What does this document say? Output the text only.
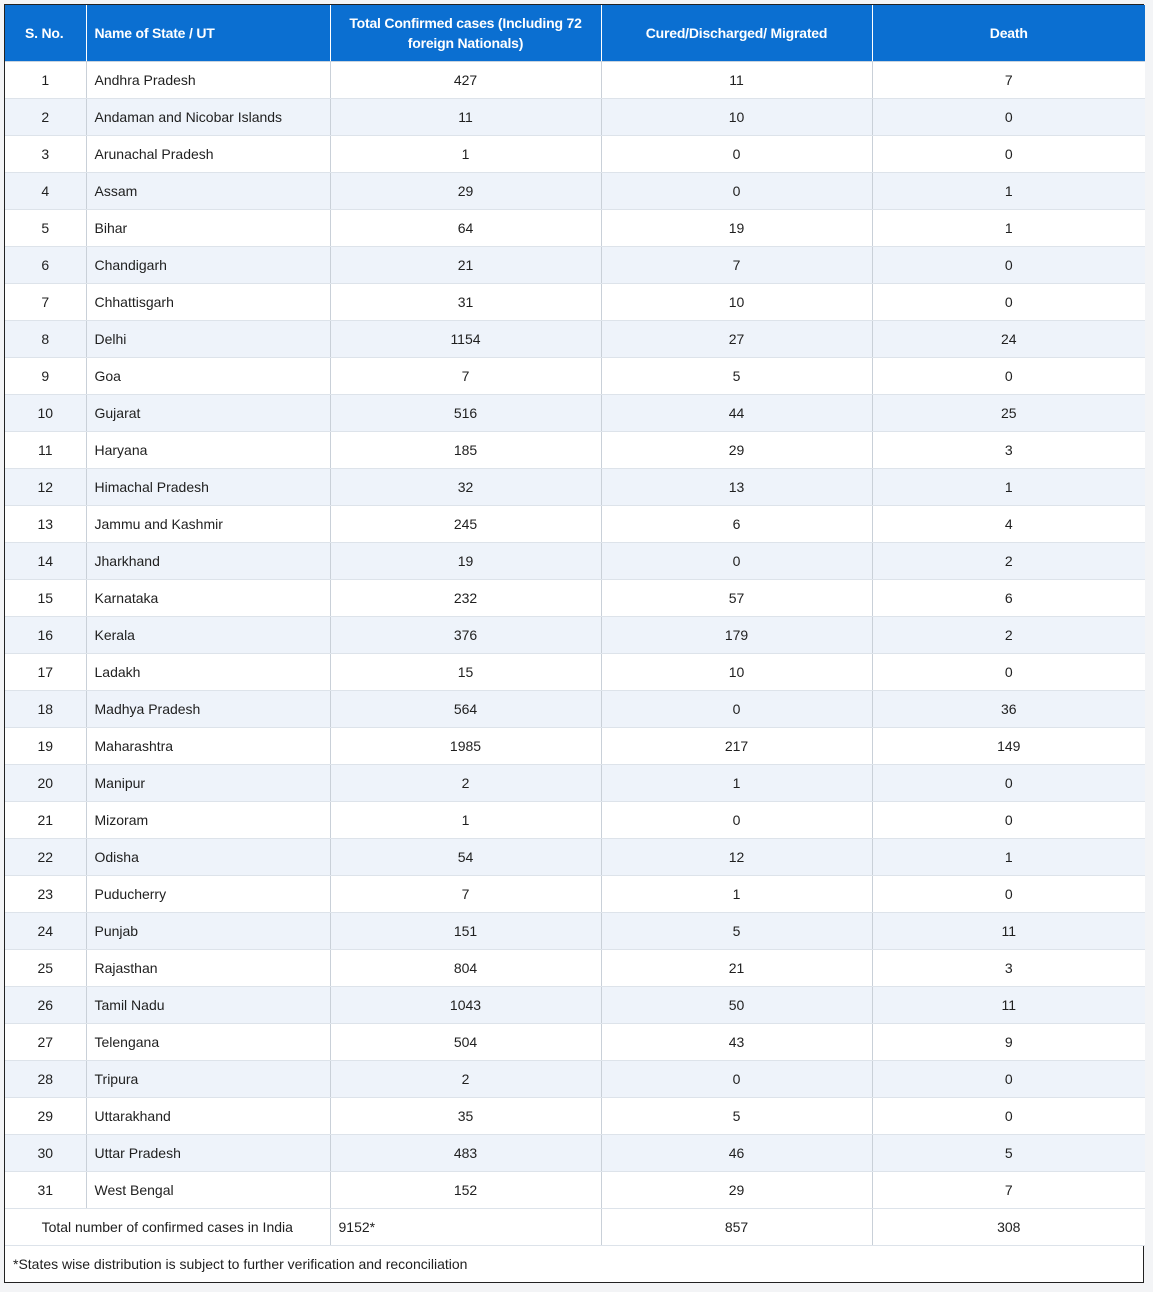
S. No.	Name of State / UT	Total Confirmed cases (Including 72 foreign Nationals)	Cured/Discharged/ Migrated	Death
1	Andhra Pradesh	427	11	7
2	Andaman and Nicobar Islands	11	10	0
3	Arunachal Pradesh	1	0	0
4	Assam	29	0	1
5	Bihar	64	19	1
6	Chandigarh	21	7	0
7	Chhattisgarh	31	10	0
8	Delhi	1154	27	24
9	Goa	7	5	0
10	Gujarat	516	44	25
11	Haryana	185	29	3
12	Himachal Pradesh	32	13	1
13	Jammu and Kashmir	245	6	4
14	Jharkhand	19	0	2
15	Karnataka	232	57	6
16	Kerala	376	179	2
17	Ladakh	15	10	0
18	Madhya Pradesh	564	0	36
19	Maharashtra	1985	217	149
20	Manipur	2	1	0
21	Mizoram	1	0	0
22	Odisha	54	12	1
23	Puducherry	7	1	0
24	Punjab	151	5	11
25	Rajasthan	804	21	3
26	Tamil Nadu	1043	50	11
27	Telengana	504	43	9
28	Tripura	2	0	0
29	Uttarakhand	35	5	0
30	Uttar Pradesh	483	46	5
31	West Bengal	152	29	7
Total number of confirmed cases in India		9152*	857	308
*States wise distribution is subject to further verification and reconciliation
